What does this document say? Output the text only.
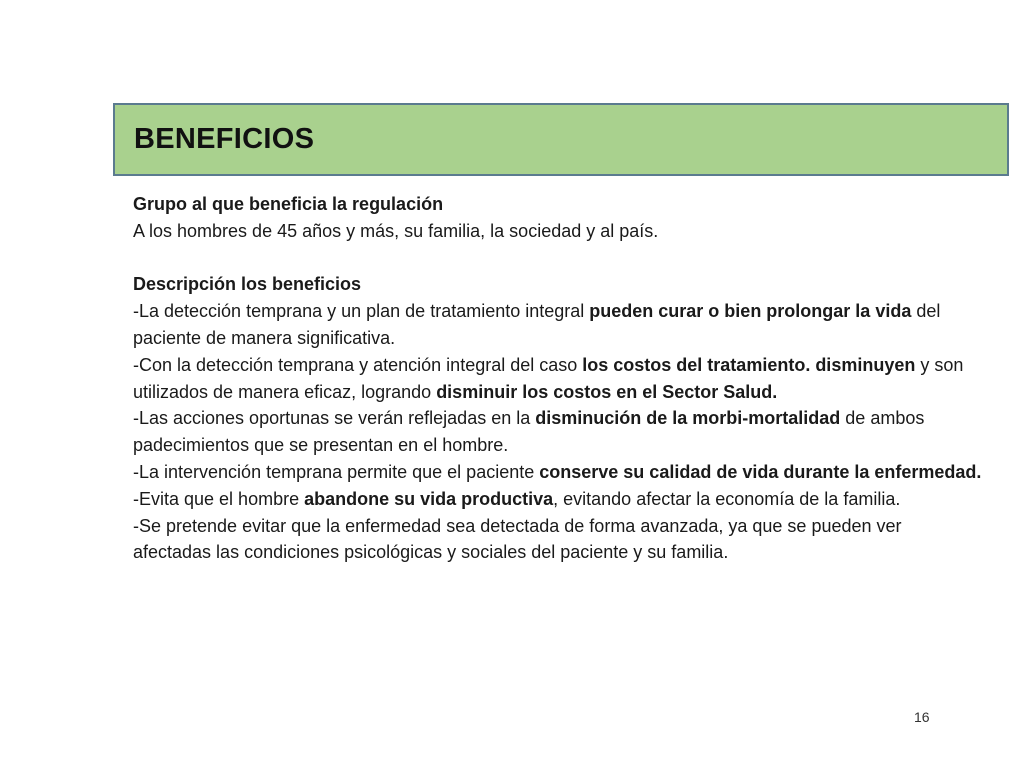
BENEFICIOS

Grupo al que beneficia la regulación

A los hombres de 45 años y más, su familia, la sociedad y al país.

Descripción los beneficios

-La detección temprana y un plan de tratamiento integral pueden curar o bien prolongar la vida del paciente de manera significativa.

-Con la detección temprana y atención integral del caso los costos del tratamiento. disminuyen y son utilizados de manera eficaz, logrando disminuir los costos en el Sector Salud.

-Las acciones oportunas se verán reflejadas en la disminución de la morbi-mortalidad de ambos padecimientos que se presentan en el hombre.

-La intervención temprana permite que el paciente conserve su calidad de vida durante la enfermedad.

-Evita que el hombre abandone su vida productiva, evitando afectar la economía de la familia.

-Se pretende evitar que la enfermedad sea detectada de forma avanzada, ya que se pueden ver afectadas las condiciones psicológicas y sociales del paciente y su familia.

16
